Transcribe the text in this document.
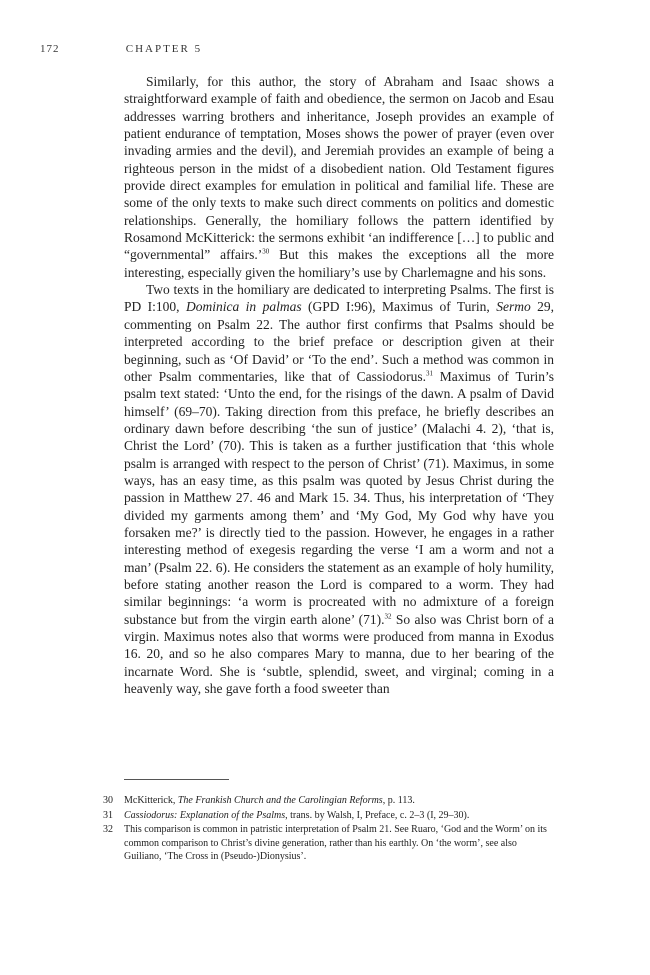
172	CHAPTER 5

Similarly, for this author, the story of Abraham and Isaac shows a straightforward example of faith and obedience, the sermon on Jacob and Esau addresses warring brothers and inheritance, Joseph provides an example of patient endurance of temptation, Moses shows the power of prayer (even over invading armies and the devil), and Jeremiah provides an example of being a righteous person in the midst of a disobedient nation. Old Testament figures provide direct examples for emulation in political and familial life. These are some of the only texts to make such direct comments on politics and domestic relationships. Generally, the homiliary follows the pattern identified by Rosamond McKitterick: the sermons exhibit ‘an indifference […] to public and “governmental” affairs.’$^{30}$ But this makes the exceptions all the more interesting, especially given the homiliary’s use by Charlemagne and his sons.

Two texts in the homiliary are dedicated to interpreting Psalms. The first is PD I:100, Dominica in palmas (GPD I:96), Maximus of Turin, Sermo 29, commenting on Psalm 22. The author first confirms that Psalms should be interpreted according to the brief preface or description given at their beginning, such as ‘Of David’ or ‘To the end’. Such a method was common in other Psalm commentaries, like that of Cassiodorus.$^{31}$ Maximus of Turin’s psalm text stated: ‘Unto the end, for the risings of the dawn. A psalm of David himself’ (69–70). Taking direction from this preface, he briefly describes an ordinary dawn before describing ‘the sun of justice’ (Malachi 4. 2), ‘that is, Christ the Lord’ (70). This is taken as a further justification that ‘this whole psalm is arranged with respect to the person of Christ’ (71). Maximus, in some ways, has an easy time, as this psalm was quoted by Jesus Christ during the passion in Matthew 27. 46 and Mark 15. 34. Thus, his interpretation of ‘They divided my garments among them’ and ‘My God, My God why have you forsaken me?’ is directly tied to the passion. However, he engages in a rather interesting method of exegesis regarding the verse ‘I am a worm and not a man’ (Psalm 22. 6). He considers the statement as an example of holy humility, before stating another reason the Lord is compared to a worm. They had similar beginnings: ‘a worm is procreated with no admixture of a foreign substance but from the virgin earth alone’ (71).$^{32}$ So also was Christ born of a virgin. Maximus notes also that worms were produced from manna in Exodus 16. 20, and so he also compares Mary to manna, due to her bearing of the incarnate Word. She is ‘subtle, splendid, sweet, and virginal; coming in a heavenly way, she gave forth a food sweeter than

30	McKitterick, The Frankish Church and the Carolingian Reforms, p. 113.
31	Cassiodorus: Explanation of the Psalms, trans. by Walsh, I, Preface, c. 2–3 (I, 29–30).
32	This comparison is common in patristic interpretation of Psalm 21. See Ruaro, ‘God and the Worm’ on its common comparison to Christ’s divine generation, rather than his earthly. On ‘the worm’, see also Guiliano, ‘The Cross in (Pseudo-)Dionysius’.
